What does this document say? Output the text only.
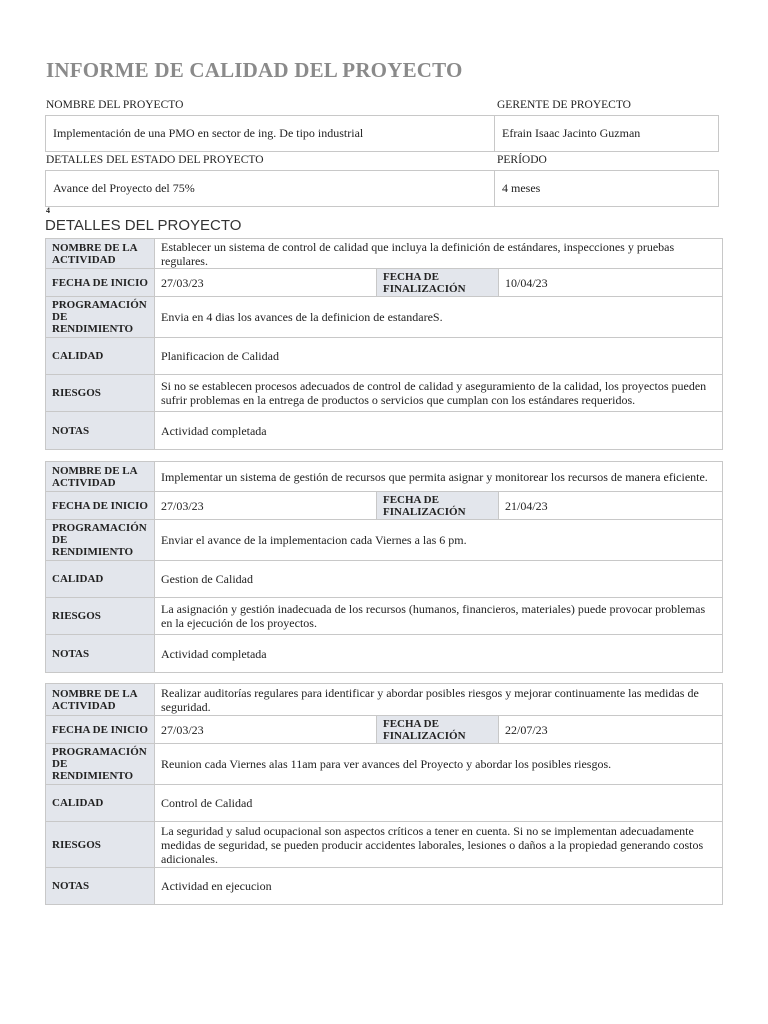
INFORME DE CALIDAD DEL PROYECTO
NOMBRE DEL PROYECTO	GERENTE DE PROYECTO
Implementación de una PMO en sector de ing. De tipo industrial	Efrain Isaac Jacinto Guzman
DETALLES DEL ESTADO DEL PROYECTO	PERÍODO
Avance del Proyecto del 75%	4 meses
4
DETALLES DEL PROYECTO
NOMBRE DE LA ACTIVIDAD	Establecer un sistema de control de calidad que incluya la definición de estándares, inspecciones y pruebas regulares.		
FECHA DE INICIO	27/03/23	FECHA DE FINALIZACIÓN	10/04/23
PROGRAMACIÓN DE RENDIMIENTO	Envia en 4 dias los avances de la definicion de estandareS.		
CALIDAD	Planificacion de Calidad		
RIESGOS	Si no se establecen procesos adecuados de control de calidad y aseguramiento de la calidad, los proyectos pueden sufrir problemas en la entrega de productos o servicios que cumplan con los estándares requeridos.		
NOTAS	Actividad completada		
NOMBRE DE LA ACTIVIDAD	Implementar un sistema de gestión de recursos que permita asignar y monitorear los recursos de manera eficiente.		
FECHA DE INICIO	27/03/23	FECHA DE FINALIZACIÓN	21/04/23
PROGRAMACIÓN DE RENDIMIENTO	Enviar el avance de la implementacion cada Viernes a las 6 pm.		
CALIDAD	Gestion de Calidad		
RIESGOS	La asignación y gestión inadecuada de los recursos (humanos, financieros, materiales) puede provocar problemas en la ejecución de los proyectos.		
NOTAS	Actividad completada		
NOMBRE DE LA ACTIVIDAD	Realizar auditorías regulares para identificar y abordar posibles riesgos y mejorar continuamente las medidas de seguridad.		
FECHA DE INICIO	27/03/23	FECHA DE FINALIZACIÓN	22/07/23
PROGRAMACIÓN DE RENDIMIENTO	Reunion cada Viernes alas 11am para ver avances del Proyecto y abordar los posibles riesgos.		
CALIDAD	Control de Calidad		
RIESGOS	La seguridad y salud ocupacional son aspectos críticos a tener en cuenta. Si no se implementan adecuadamente medidas de seguridad, se pueden producir accidentes laborales, lesiones o daños a la propiedad generando costos adicionales.		
NOTAS	Actividad en ejecucion		
